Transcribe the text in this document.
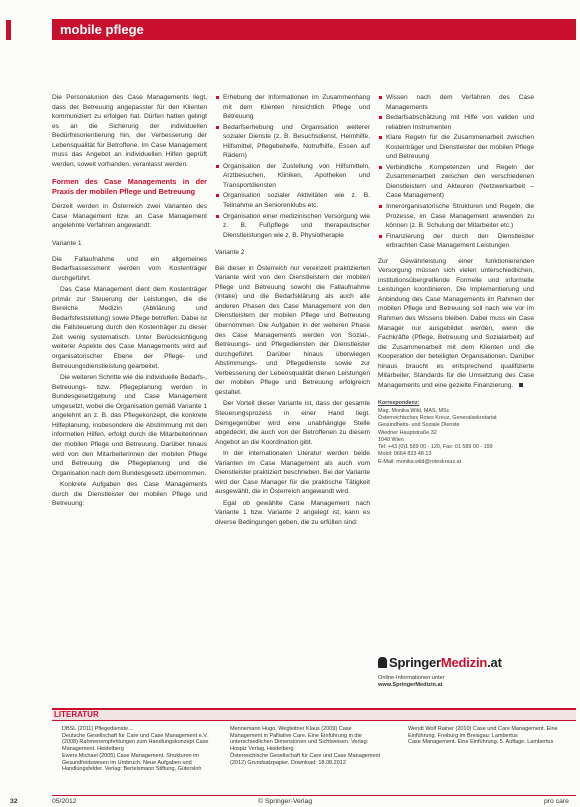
mobile pflege

Die Personalunion des Case Managements liegt, dass der Betreuung angepasster für den Klienten kommuniziert zu erfolgen hat. Dürfen hatten gelingt es an die Sicherung der individuellen Bedürfnisorientierung hin, der Verbesserung der Lebensqualität für Betroffene. Im Case Management muss das Angebot an individuellen Hilfen geprüft werden, soweit vorhanden, veranlasst werden.

Formen des Case Managements in der Praxis der mobilen Pflege und Betreuung

Derzeit werden in Österreich zwei Varianten des Case Management bzw. an Case Management angelehnte Verfahren angewandt:

Variante 1

Die Fallaufnahme und ein allgemeines Bedarfsassessment werden vom Kostenträger durchgeführt.

Das Case Management dient dem Kostenträger primär zur Steuerung der Leistungen, die die Bereiche Medizin (Abklärung und Bedarfsfeststellung) sowie Pflege betreffen. Dabei ist die Fallsteuerung durch den Kostenträger zu dieser Zeit wenig systematisch. Unter Berücksichtigung weiterer Aspekte des Case Managements wird auf organisatorischer Ebene der Pflege- und Betreuungsdienstleistung gearbeitet.

Die weiteren Schritte wie die individuelle Bedarfs-, Betreuungs- bzw. Pflegeplanung werden in Bundesgesetzgebung und Case Management umgesetzt, wobei die Organisation gemäß Variante 1 angelehnt an z. B. das Pflegekonzept, die konkrete Hilfeplanung, insbesondere die Abstimmung mit den informellen Hilfen, erfolgt durch die Mitarbeiterinnen der mobilen Pflege und Betreuung. Darüber hinaus wird von den Mitarbeiterinnen der mobilen Pflege und Betreuung die Pflegeplanung und die Organisation nach dem Bundesgesetz übernommen.

Konkrete Aufgaben des Case Managements durch die Dienstleister der mobilen Pflege und Betreuung:

Erhebung der Informationen im Zusammenhang mit dem Klienten hinsichtlich Pflege und Betreuung
Bedarfserhebung und Organisation weiterer sozialer Dienste (z. B. Besuchsdienst, Heimhilfe, Hilfsmittel, Pflegebehelfe, Notrufhilfe, Essen auf Rädern)
Organisation der Zustellung von Hilfsmitteln, Arztbesuchen, Kliniken, Apotheken und Transportdiensten
Organisation sozialer Aktivitäten wie z. B. Teilnahme an Seniorenklubs etc.
Organisation einer medizinischen Versorgung wie z. B. Fußpflege und therapeutischer Dienstleistungen wie z. B. Physiotherapie
Variante 2

Bei dieser in Österreich nur vereinzelt praktizierten Variante wird von den Dienstleistern der mobilen Pflege und Betreuung sowohl die Fallaufnahme (Intake) und die Bedarfsklärung als auch alle anderen Phasen des Case Management von den Dienstleistern der mobilen Pflege und Betreuung übernommen. Die Aufgaben in der weiteren Phase des Case Managements werden von Sozial-, Betreuungs- und Pflegediensten der Dienstleister durchgeführt. Darüber hinaus überwiegen Abstimmungs- und Pflegedienste sowie zur Verbesserung der Lebensqualität dienen Leistungen der mobilen Pflege und Betreuung erfolgreich gestaltet.

Der Vorteil dieser Variante ist, dass der gesamte Steuerungsprozess in einer Hand liegt. Demgegenüber wird eine unabhängige Stelle abgedeckt, die auch von der Betroffenen zu diesem Angebot an die Koordination gibt.

In der internationalen Literatur werden beide Varianten im Case Management als auch vom Dienstleister praktiziert beschrieben. Bei der Variante wird der Case Manager für die praktische Tätigkeit ausgewählt, die in Österreich angewandt wird.

Egal ob gewählte Case Management nach Variante 1 bzw. Variante 2 angelegt ist, kann es diverse Bedingungen geben, die zu erfüllen sind:

Wissen nach dem Verfahren des Case Managements
Bedarfsabschätzung mit Hilfe von validen und reliablen Instrumenten
Klare Regeln für die Zusammenarbeit zwischen Kostenträger und Dienstleister der mobilen Pflege und Betreuung
Verbindliche Kompetenzen und Regeln der Zusammenarbeit zwischen den verschiedenen Dienstleistern und Akteuren (Netzwerkarbeit – Case Management)
Innerorganisatorische Strukturen und Regeln, die Prozesse, im Case Management anwenden zu können (z. B. Schulung der Mitarbeiter etc.)
Finanzierung der durch den Dienstleister erbrachten Case Management Leistungen

Zur Gewährleistung einer funktionierenden Versorgung müssen sich vielen unterschiedlichen, institutionsübergreifende Formelle und informelle Leistungen koordinieren. Die Implementierung und Anbindung des Case Managements im Rahmen der mobilen Pflege und Betreuung soll nach wie vor im Rahmen des Wissens bleiben. Dabei muss ein Case Manager nur ausgebildet werden, wenn die Fachkräfte (Pflege, Betreuung und Sozialarbeit) auf die Zusammenarbeit mit dem Klienten und die Kooperation der beteiligten Organisationen. Darüber hinaus braucht es entsprechend qualifizierte Mitarbeiter, Standards für die Umsetzung des Case Managements und eine gezielte Finanzierung.

Korrespondenz:
Mag. Monika Wild, MAS, MSc
Österreichisches Rotes Kreuz, Generalsekretariat
Gesundheits- und Soziale Dienste
Wiedner Hauptstraße 32
1040 Wien
Tel: +43 (0)1 589 00 - 120, Fax: 01 589 00 - 199
Mobil: 0664 823 48 13
E-Mail: monika.wild@roteskreuz.at
SpringerMedizin.at
Online-Informationen unter
www.SpringerMedizin.at
LITERATUR
DBSL (2011) Pflegedienste...
Deutsche Gesellschaft für Care und Case Management e.V. (2008) Rahmenempfehlungen zum Handlungskonzept Case Management. Heidelberg
Ewers Michael (2005) Case Management. Strukturen im Gesundheitswesen im Umbruch. Neue Aufgaben und Handlungsfelder. Verlag: Bertelsmann Stiftung, Gütersloh
Mennemann Hugo, Wegleitner Klaus (2009) Case Management in Palliative Care. Eine Einführung in die unterschiedlichen Dimensionen und Sichtweisen. Verlag: Hospiz Verlag, Heidelberg
Österreichische Gesellschaft für Care und Case Management (2012) Grundsatzpapier. Download: 18.08.2012
Wendt Wolf Rainer (2010) Case und Care Management. Eine Einführung. Freiburg im Breisgau: Lambertus
Case Management. Eine Einführung. 5. Auflage. Lambertus
32	05/2012	© Springer-Verlag	pro care
